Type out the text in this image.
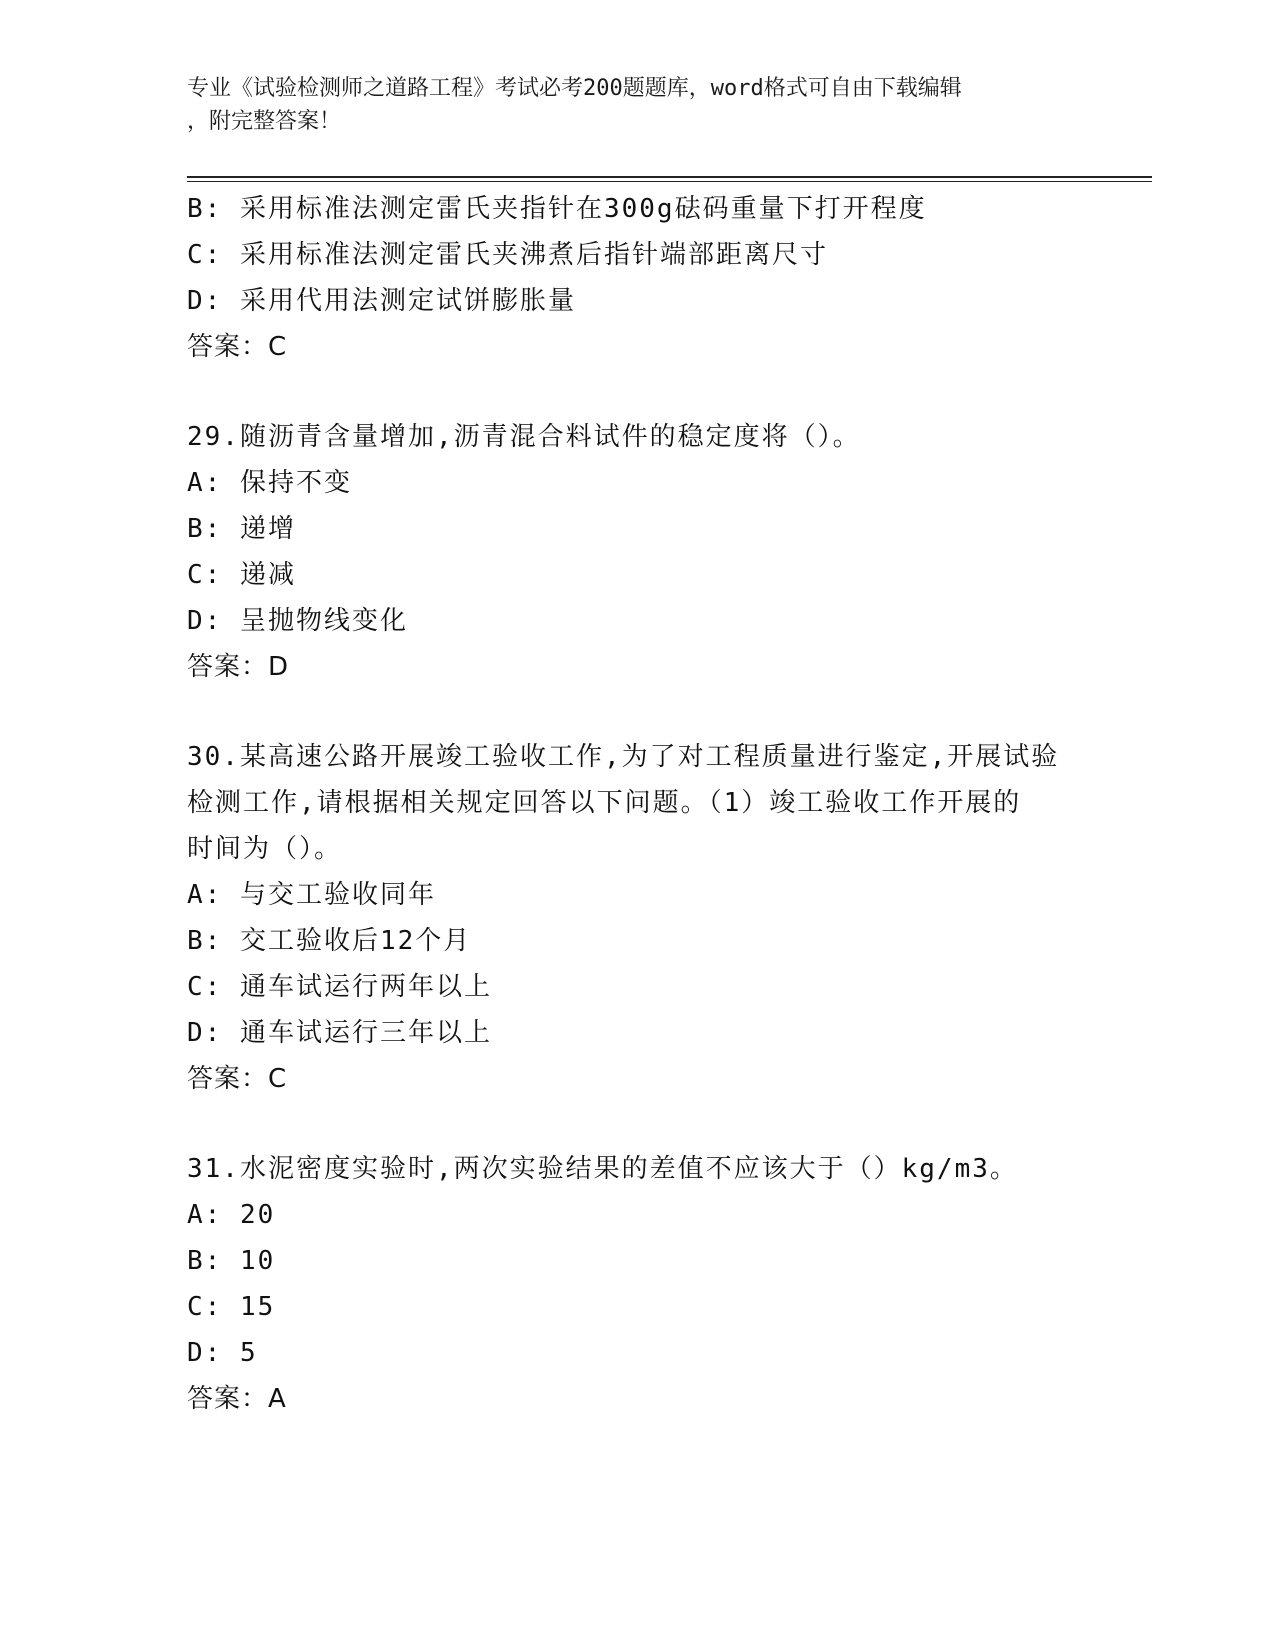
专业《试验检测师之道路工程》考试必考200题题库，word格式可自由下载编辑
，附完整答案！
B: 采用标准法测定雷氏夹指针在300g砝码重量下打开程度
C: 采用标准法测定雷氏夹沸煮后指针端部距离尺寸
D: 采用代用法测定试饼膨胀量
答案：C
29.随沥青含量增加,沥青混合料试件的稳定度将（）。
A: 保持不变
B: 递增
C: 递减
D: 呈抛物线变化
答案：D
30.某高速公路开展竣工验收工作,为了对工程质量进行鉴定,开展试验
检测工作,请根据相关规定回答以下问题。（1）竣工验收工作开展的
时间为（）。
A: 与交工验收同年
B: 交工验收后12个月
C: 通车试运行两年以上
D: 通车试运行三年以上
答案：C
31.水泥密度实验时,两次实验结果的差值不应该大于（）kg/m3。
A: 20
B: 10
C: 15
D: 5
答案：A
